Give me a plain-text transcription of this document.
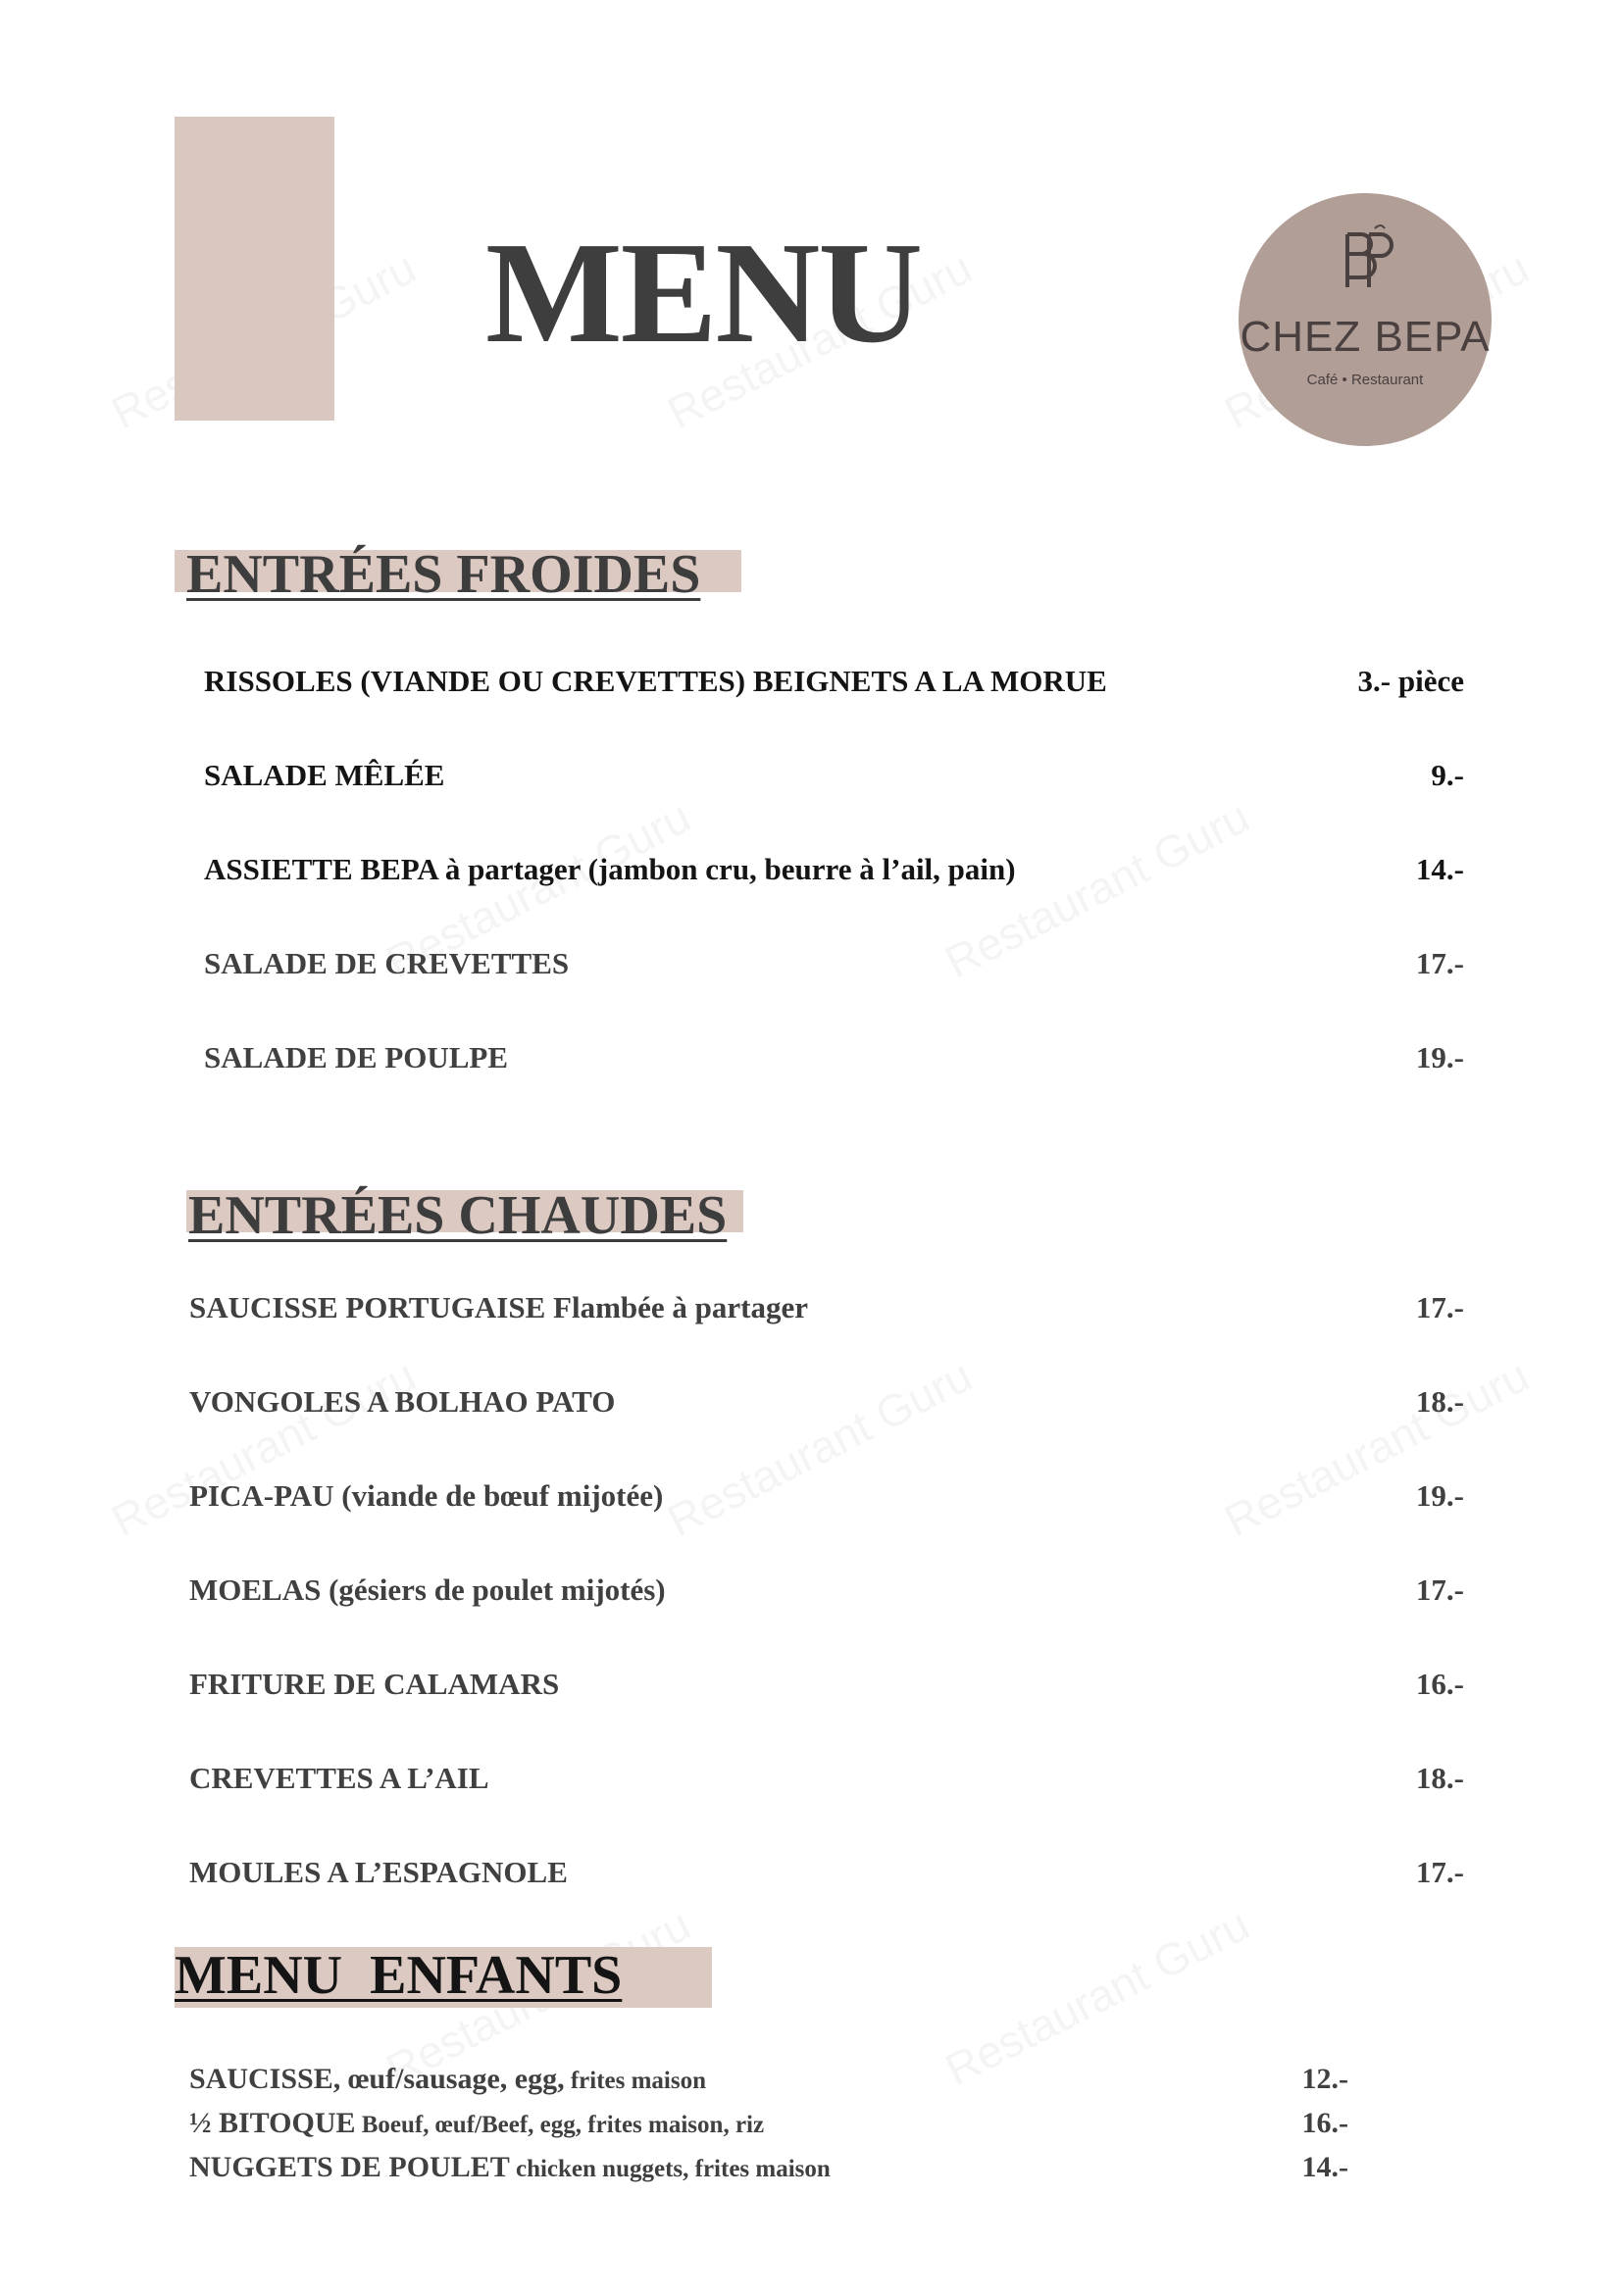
MENU	CHEZ BEPA
Café • Restaurant
ENTRÉES FROIDES
RISSOLES (VIANDE OU CREVETTES) BEIGNETS A LA MORUE	3.- pièce
SALADE MÊLÉE	9.-
ASSIETTE BEPA à partager (jambon cru, beurre à l’ail, pain)	14.-
SALADE DE CREVETTES	17.-
SALADE DE POULPE	19.-
ENTRÉES CHAUDES
SAUCISSE PORTUGAISE Flambée à partager	17.-
VONGOLES A BOLHAO PATO	18.-
PICA-PAU (viande de bœuf mijotée)	19.-
MOELAS (gésiers de poulet mijotés)	17.-
FRITURE DE CALAMARS	16.-
CREVETTES A L’AIL	18.-
MOULES A L’ESPAGNOLE	17.-
MENU  ENFANTS
SAUCISSE, œuf/sausage, egg, frites maison	12.-
½ BITOQUE Boeuf, œuf/Beef, egg, frites maison, riz	16.-
NUGGETS DE POULET chicken nuggets, frites maison	14.-
